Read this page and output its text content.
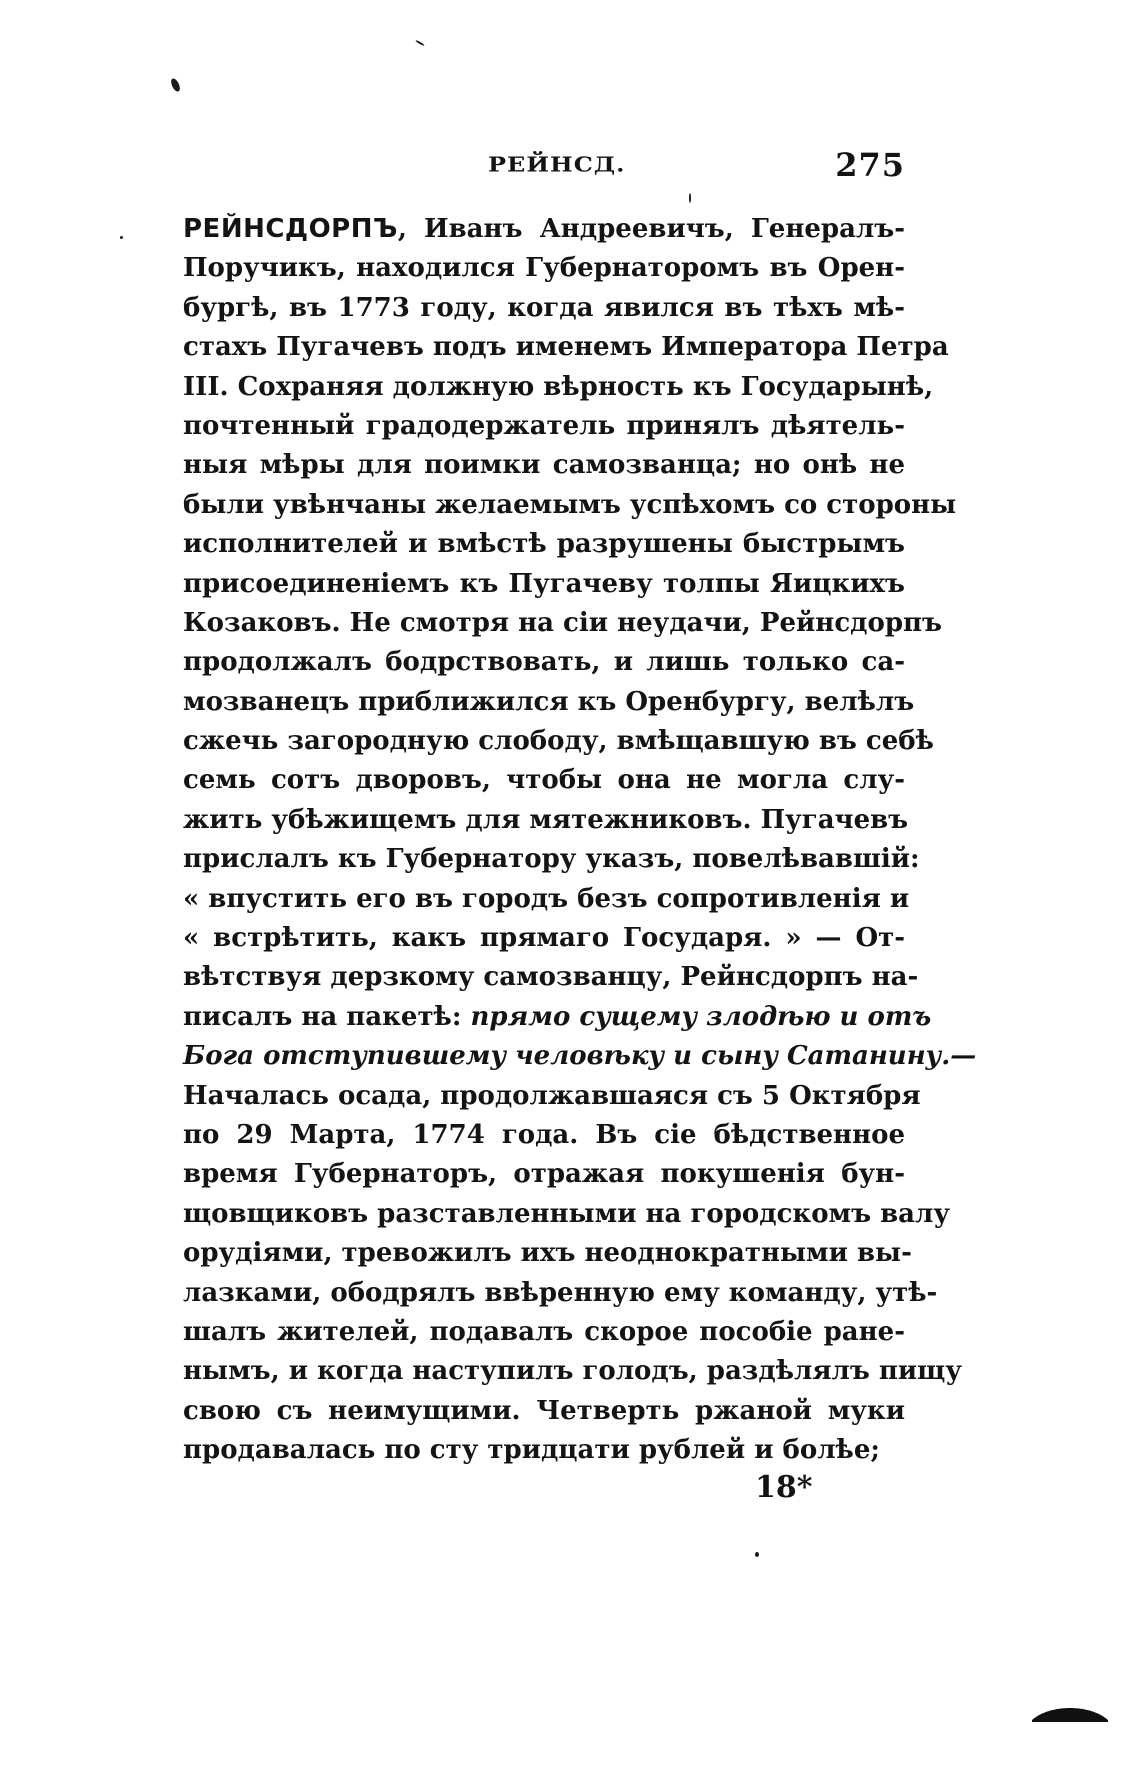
РЕЙНСД.	275
РЕЙНСДОРПЪ, Иванъ Андреевичъ, Генералъ-
Поручикъ, находился Губернаторомъ въ Орен-
бургѣ, въ 1773 году, когда явился въ тѣхъ мѣ-
стахъ Пугачевъ подъ именемъ Императора Петра
III. Сохраняя должную вѣрность къ Государынѣ,
почтенный градодержатель принялъ дѣятель-
ныя мѣры для поимки самозванца; но онѣ не
были увѣнчаны желаемымъ успѣхомъ со стороны
исполнителей и вмѣстѣ разрушены быстрымъ
присоединенiемъ къ Пугачеву толпы Яицкихъ
Козаковъ. Не смотря на сiи неудачи, Рейнсдорпъ
продолжалъ бодрствовать, и лишь только са-
мозванецъ приближился къ Оренбургу, велѣлъ
сжечь загородную слободу, вмѣщавшую въ себѣ
семь сотъ дворовъ, чтобы она не могла слу-
жить убѣжищемъ для мятежниковъ. Пугачевъ
прислалъ къ Губернатору указъ, повелѣвавшiй:
« впустить его въ городъ безъ сопротивленiя и
« встрѣтить, какъ прямаго Государя. » — От-
вѣтствуя дерзкому самозванцу, Рейнсдорпъ на-
писалъ на пакетѣ: прямо сущему злодѣю и отъ
Бога отступившему человѣку и сыну Сатанину.—
Началась осада, продолжавшаяся съ 5 Октября
по 29 Марта, 1774 года. Въ сiе бѣдственное
время Губернаторъ, отражая покушенiя бун-
щовщиковъ разставленными на городскомъ валу
орудiями, тревожилъ ихъ неоднократными вы-
лазками, ободрялъ ввѣренную ему команду, утѣ-
шалъ жителей, подавалъ скорое пособiе ране-
нымъ, и когда наступилъ голодъ, раздѣлялъ пищу
свою съ неимущими. Четверть ржаной муки
продавалась по сту тридцати рублей и болѣе;
18*
